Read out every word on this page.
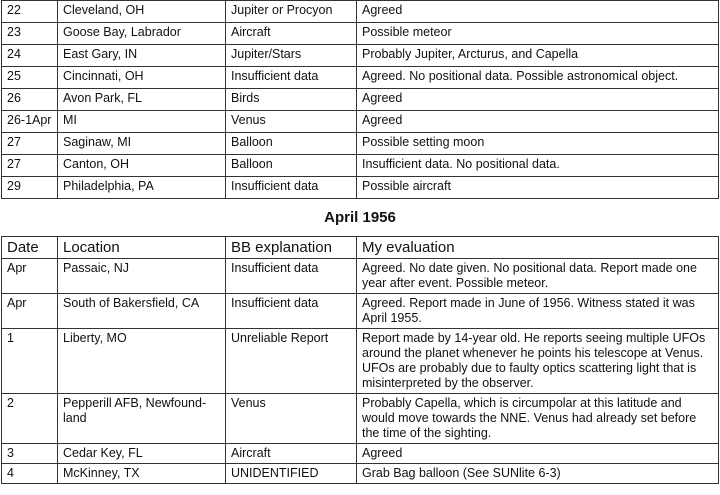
22	Cleveland, OH	Jupiter or Procyon	Agreed
23	Goose Bay, Labrador	Aircraft	Possible meteor
24	East Gary, IN	Jupiter/Stars	Probably Jupiter, Arcturus, and Capella
25	Cincinnati, OH	Insufficient data	Agreed. No positional data. Possible astronomical object.
26	Avon Park, FL	Birds	Agreed
26-1Apr	MI	Venus	Agreed
27	Saginaw, MI	Balloon	Possible setting moon
27	Canton, OH	Balloon	Insufficient data. No positional data.
29	Philadelphia, PA	Insufficient data	Possible aircraft
April 1956
Date	Location	BB explanation	My evaluation
Apr	Passaic, NJ	Insufficient data	Agreed. No date given. No positional data. Report made one year after event. Possible meteor.
Apr	South of Bakersfield, CA	Insufficient data	Agreed. Report made in June of 1956. Witness stated it was April 1955.
1	Liberty, MO	Unreliable Report	Report made by 14-year old. He reports seeing multiple UFOs around the planet whenever he points his telescope at Venus. UFOs are probably due to faulty optics scattering light that is misinterpreted by the observer.
2	Pepperill AFB, Newfound-land	Venus	Probably Capella, which is circumpolar at this latitude and would move towards the NNE. Venus had already set before the time of the sighting.
3	Cedar Key, FL	Aircraft	Agreed
4	McKinney, TX	UNIDENTIFIED	Grab Bag balloon (See SUNlite 6-3)
